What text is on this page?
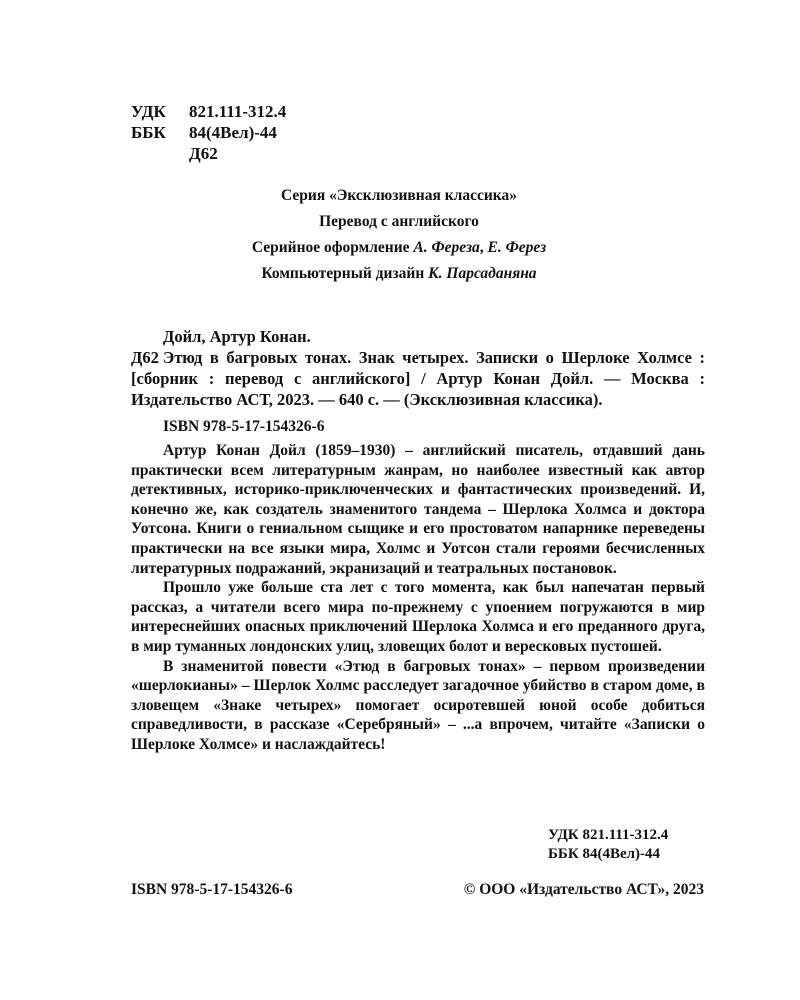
УДК 821.111-312.4
ББК 84(4Вел)-44
Д62
Серия «Эксклюзивная классика»
Перевод с английского
Серийное оформление А. Фереза, Е. Ферез
Компьютерный дизайн К. Парсаданяна
Дойл, Артур Конан.
Д62 Этюд в багровых тонах. Знак четырех. Записки о Шерлоке Холмсе : [сборник : перевод с английского] / Артур Конан Дойл. — Москва : Издательство АСТ, 2023. — 640 с. — (Эксклюзивная классика).
ISBN 978-5-17-154326-6
Артур Конан Дойл (1859–1930) – английский писатель, отдавший дань практически всем литературным жанрам, но наиболее известный как автор детективных, историко-приключенческих и фантастических произведений. И, конечно же, как создатель знаменитого тандема – Шерлока Холмса и доктора Уотсона. Книги о гениальном сыщике и его простоватом напарнике переведены практически на все языки мира, Холмс и Уотсон стали героями бесчисленных литературных подражаний, экранизаций и театральных постановок.
Прошло уже больше ста лет с того момента, как был напечатан первый рассказ, а читатели всего мира по-прежнему с упоением погружаются в мир интереснейших опасных приключений Шерлока Холмса и его преданного друга, в мир туманных лондонских улиц, зловещих болот и вересковых пустошей.
В знаменитой повести «Этюд в багровых тонах» – первом произведении «шерлокианы» – Шерлок Холмс расследует загадочное убийство в старом доме, в зловещем «Знаке четырех» помогает осиротевшей юной особе добиться справедливости, в рассказе «Серебряный» – ...а впрочем, читайте «Записки о Шерлоке Холмсе» и наслаждайтесь!
УДК 821.111-312.4
ББК 84(4Вел)-44
ISBN 978-5-17-154326-6	© ООО «Издательство АСТ», 2023
